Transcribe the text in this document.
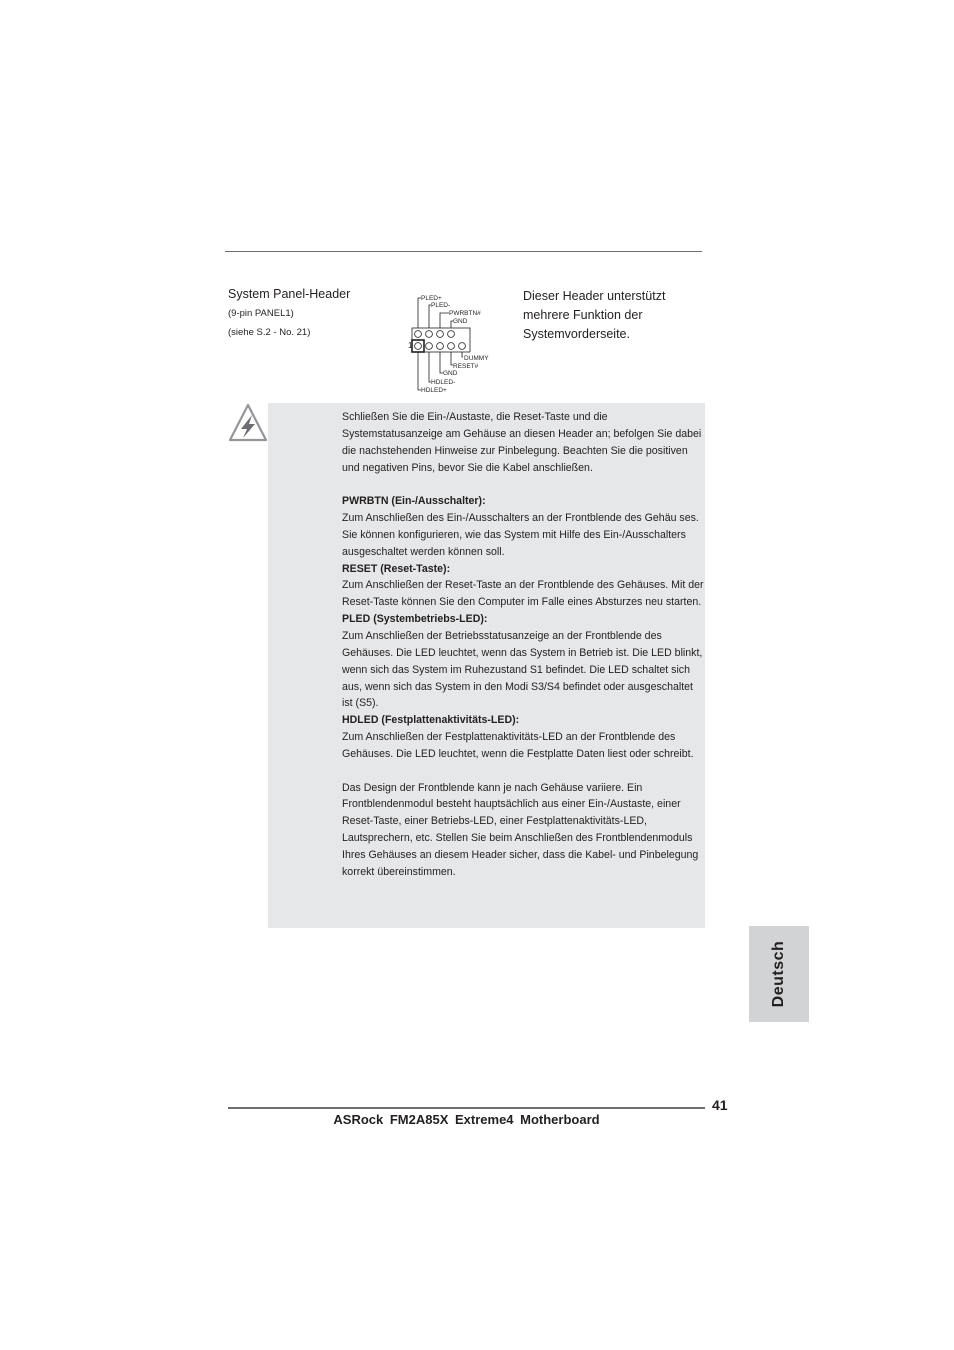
System Panel-Header
(9-pin PANEL1)
(siehe S.2 - No. 21)
PLED+
PLED-
PWRBTN#
GND
DUMMY
RESET#
GND
HDLED-
HDLED+
1
Dieser Header unterstützt mehrere Funktion der Systemvorderseite.

Schließen Sie die Ein-/Austaste, die Reset-Taste und die Systemstatusanzeige am Gehäuse an diesen Header an; befolgen Sie dabei die nachstehenden Hinweise zur Pinbelegung. Beachten Sie die positiven und negativen Pins, bevor Sie die Kabel anschließen.

PWRBTN (Ein-/Ausschalter):

Zum Anschließen des Ein-/Ausschalters an der Frontblende des Gehäu ses. Sie können konfigurieren, wie das System mit Hilfe des Ein-/Ausschalters ausgeschaltet werden können soll.

RESET (Reset-Taste):

Zum Anschließen der Reset-Taste an der Frontblende des Gehäuses. Mit der Reset-Taste können Sie den Computer im Falle eines Absturzes neu starten.

PLED (Systembetriebs-LED):

Zum Anschließen der Betriebsstatusanzeige an der Frontblende des Gehäuses. Die LED leuchtet, wenn das System in Betrieb ist. Die LED blinkt, wenn sich das System im Ruhezustand S1 befindet. Die LED schaltet sich aus, wenn sich das System in den Modi S3/S4 befindet oder ausgeschaltet ist (S5).

HDLED (Festplattenaktivitäts-LED):

Zum Anschließen der Festplattenaktivitäts-LED an der Frontblende des Gehäuses. Die LED leuchtet, wenn die Festplatte Daten liest oder schreibt.

Das Design der Frontblende kann je nach Gehäuse variiere. Ein Frontblendenmodul besteht hauptsächlich aus einer Ein-/Austaste, einer Reset-Taste, einer Betriebs-LED, einer Festplattenaktivitäts-LED, Lautsprechern, etc. Stellen Sie beim Anschließen des Frontblendenmoduls Ihres Gehäuses an diesem Header sicher, dass die Kabel- und Pinbelegung korrekt übereinstimmen.

Deutsch
41
ASRock FM2A85X Extreme4 Motherboard
